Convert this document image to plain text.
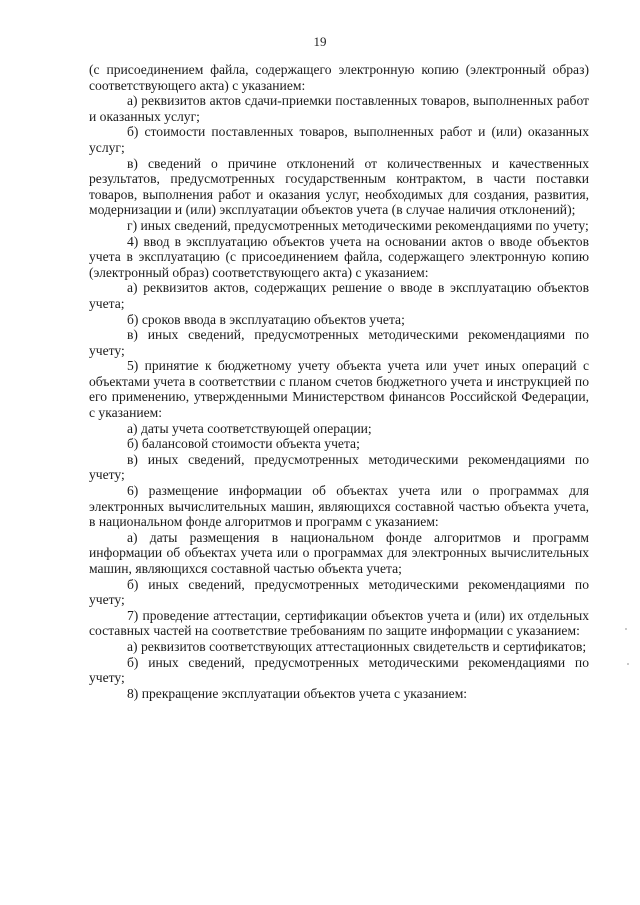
19

(с присоединением файла, содержащего электронную копию (электронный образ) соответствующего акта) с указанием:

а) реквизитов актов сдачи-приемки поставленных товаров, выполненных работ и оказанных услуг;

б) стоимости поставленных товаров, выполненных работ и (или) оказанных услуг;

в) сведений о причине отклонений от количественных и качественных результатов, предусмотренных государственным контрактом, в части поставки товаров, выполнения работ и оказания услуг, необходимых для создания, развития, модернизации и (или) эксплуатации объектов учета (в случае наличия отклонений);

г) иных сведений, предусмотренных методическими рекомендациями по учету;

4) ввод в эксплуатацию объектов учета на основании актов о вводе объектов учета в эксплуатацию (с присоединением файла, содержащего электронную копию (электронный образ) соответствующего акта) с указанием:

а) реквизитов актов, содержащих решение о вводе в эксплуатацию объектов учета;

б) сроков ввода в эксплуатацию объектов учета;

в) иных сведений, предусмотренных методическими рекомендациями по учету;

5) принятие к бюджетному учету объекта учета или учет иных операций с объектами учета в соответствии с планом счетов бюджетного учета и инструкцией по его применению, утвержденными Министерством финансов Российской Федерации, с указанием:

а) даты учета соответствующей операции;

б) балансовой стоимости объекта учета;

в) иных сведений, предусмотренных методическими рекомендациями по учету;

6) размещение информации об объектах учета или о программах для электронных вычислительных машин, являющихся составной частью объекта учета, в национальном фонде алгоритмов и программ с указанием:

а) даты размещения в национальном фонде алгоритмов и программ информации об объектах учета или о программах для электронных вычислительных машин, являющихся составной частью объекта учета;

б) иных сведений, предусмотренных методическими рекомендациями по учету;

7) проведение аттестации, сертификации объектов учета и (или) их отдельных составных частей на соответствие требованиям по защите информации с указанием:

а) реквизитов соответствующих аттестационных свидетельств и сертификатов;

б) иных сведений, предусмотренных методическими рекомендациями по учету;

8) прекращение эксплуатации объектов учета с указанием:
